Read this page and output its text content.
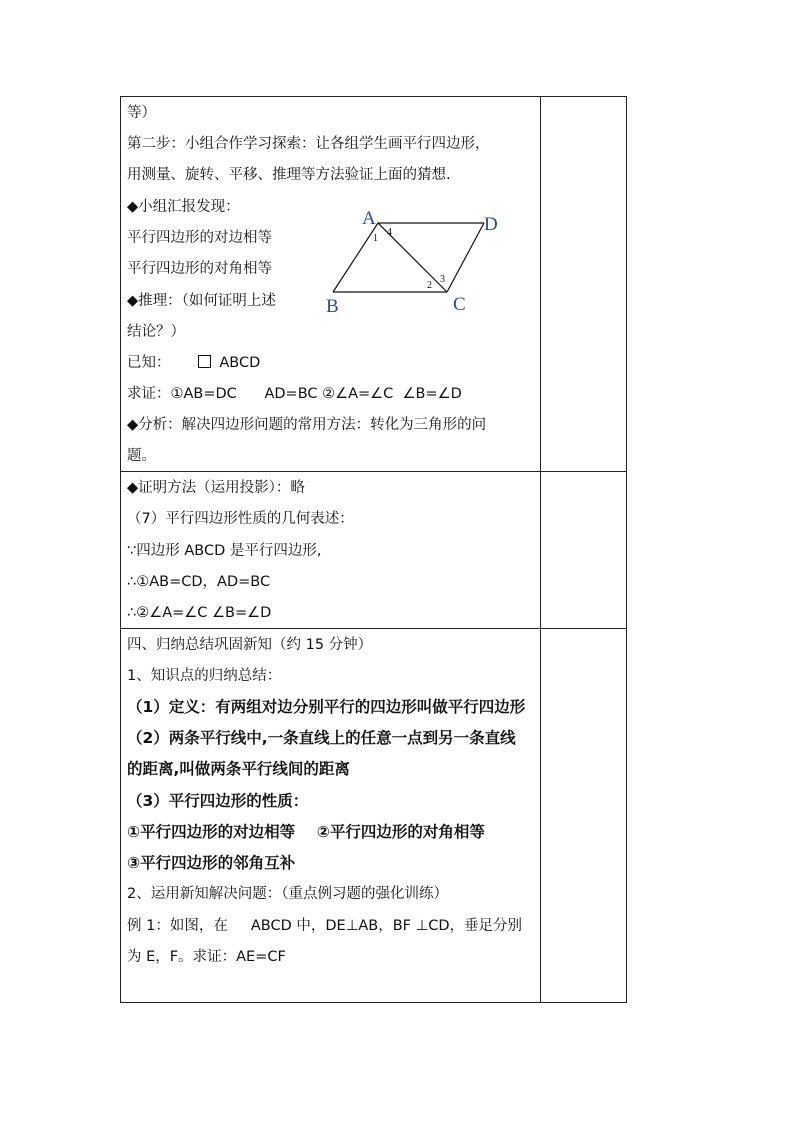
等）
第二步：小组合作学习探索：让各组学生画平行四边形，
用测量、旋转、平移、推理等方法验证上面的猜想.
◆小组汇报发现：
平行四边形的对边相等
平行四边形的对角相等
◆推理：（如何证明上述
结论？）
已知：	ABCD
求证：①AB=DC      AD=BC ②∠A=∠C  ∠B=∠D
◆分析：解决四边形问题的常用方法：转化为三角形的问
题。
A	D
B	C
1
4
2
3
◆证明方法（运用投影）：略
（7）平行四边形性质的几何表述：
∵四边形 ABCD 是平行四边形,
∴①AB=CD，AD=BC
∴②∠A=∠C ∠B=∠D
四、归纳总结巩固新知（约 15 分钟）
1、知识点的归纳总结：
（1）定义：有两组对边分别平行的四边形叫做平行四边形
（2）两条平行线中,一条直线上的任意一点到另一条直线
的距离,叫做两条平行线间的距离
（3）平行四边形的性质：
①平行四边形的对边相等    ②平行四边形的对角相等
③平行四边形的邻角互补
2、运用新知解决问题：（重点例习题的强化训练）
例 1：如图，在     ABCD 中，DE⊥AB，BF ⊥CD，垂足分别
为 E，F。求证：AE=CF
